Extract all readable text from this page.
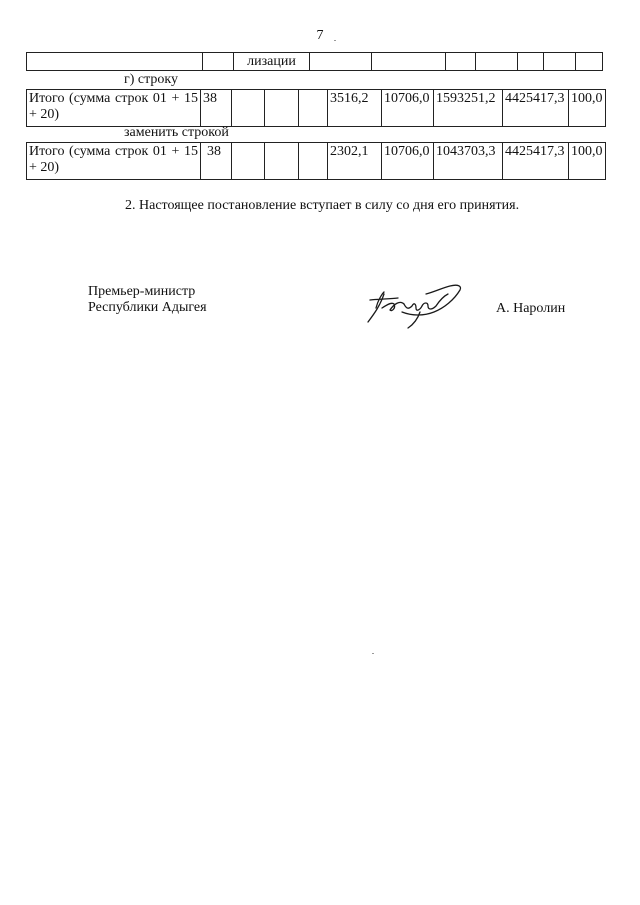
7
		лизации							
г) строку
Итого (сумма строк 01 + 15 + 20)	38				3516,2	10706,0	1593251,2	4425417,3	100,0
заменить строкой
Итого (сумма строк 01 + 15 + 20)	38				2302,1	10706,0	1043703,3	4425417,3	100,0
2. Настоящее постановление вступает в силу со дня его принятия.
Премьер-министр
Республики Адыгея	А. Наролин
